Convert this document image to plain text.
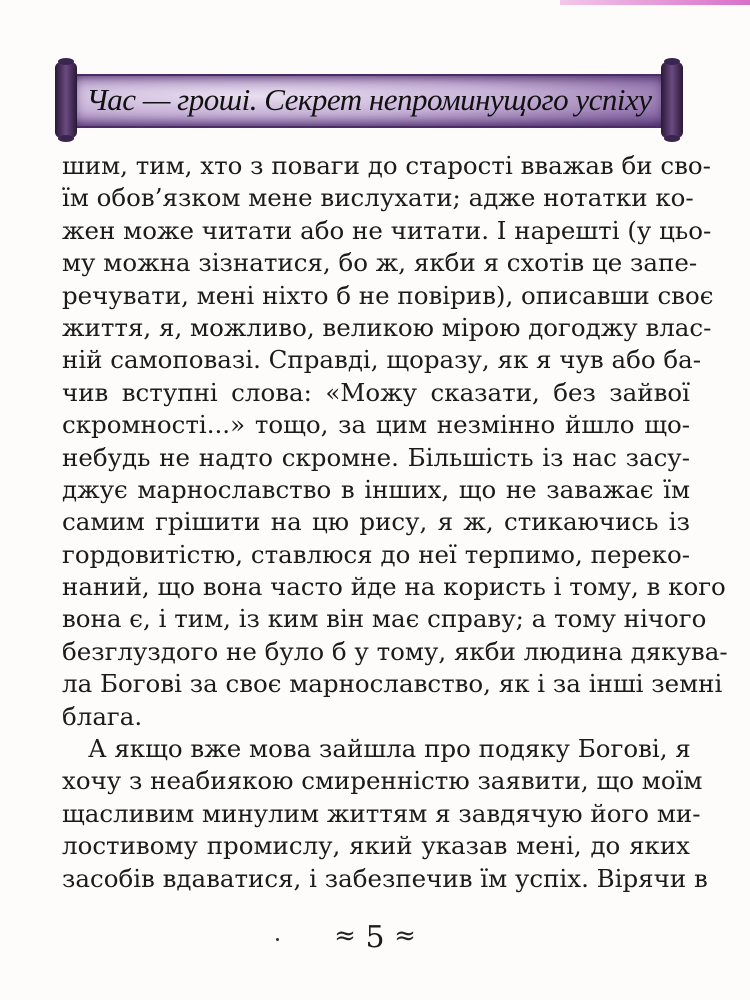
Час — гроші. Секрет непроминущого успіху
шим, тим, хто з поваги до старості вважав би сво-
їм обов’язком мене вислухати; адже нотатки ко-
жен може читати або не читати. І нарешті (у цьо-
му можна зізнатися, бо ж, якби я схотів це запе-
речувати, мені ніхто б не повірив), описавши своє
життя, я, можливо, великою мірою догоджу влас-
ній самоповазі. Справді, щоразу, як я чув або ба-
чив вступні слова: «Можу сказати, без зайвої
скромності...» тощо, за цим незмінно йшло що-
небудь не надто скромне. Більшість із нас засу-
джує марнославство в інших, що не заважає їм
самим грішити на цю рису, я ж, стикаючись із
гордовитістю, ставлюся до неї терпимо, переко-
наний, що вона часто йде на користь і тому, в кого
вона є, і тим, із ким він має справу; а тому нічого
безглуздого не було б у тому, якби людина дякува-
ла Богові за своє марнославство, як і за інші земні
блага.
А якщо вже мова зайшла про подяку Богові, я
хочу з неабиякою смиренністю заявити, що моїм
щасливим минулим життям я завдячую його ми-
лостивому промислу, який указав мені, до яких
засобів вдаватися, і забезпечив їм успіх. Вірячи в
≈ 5 ≈
